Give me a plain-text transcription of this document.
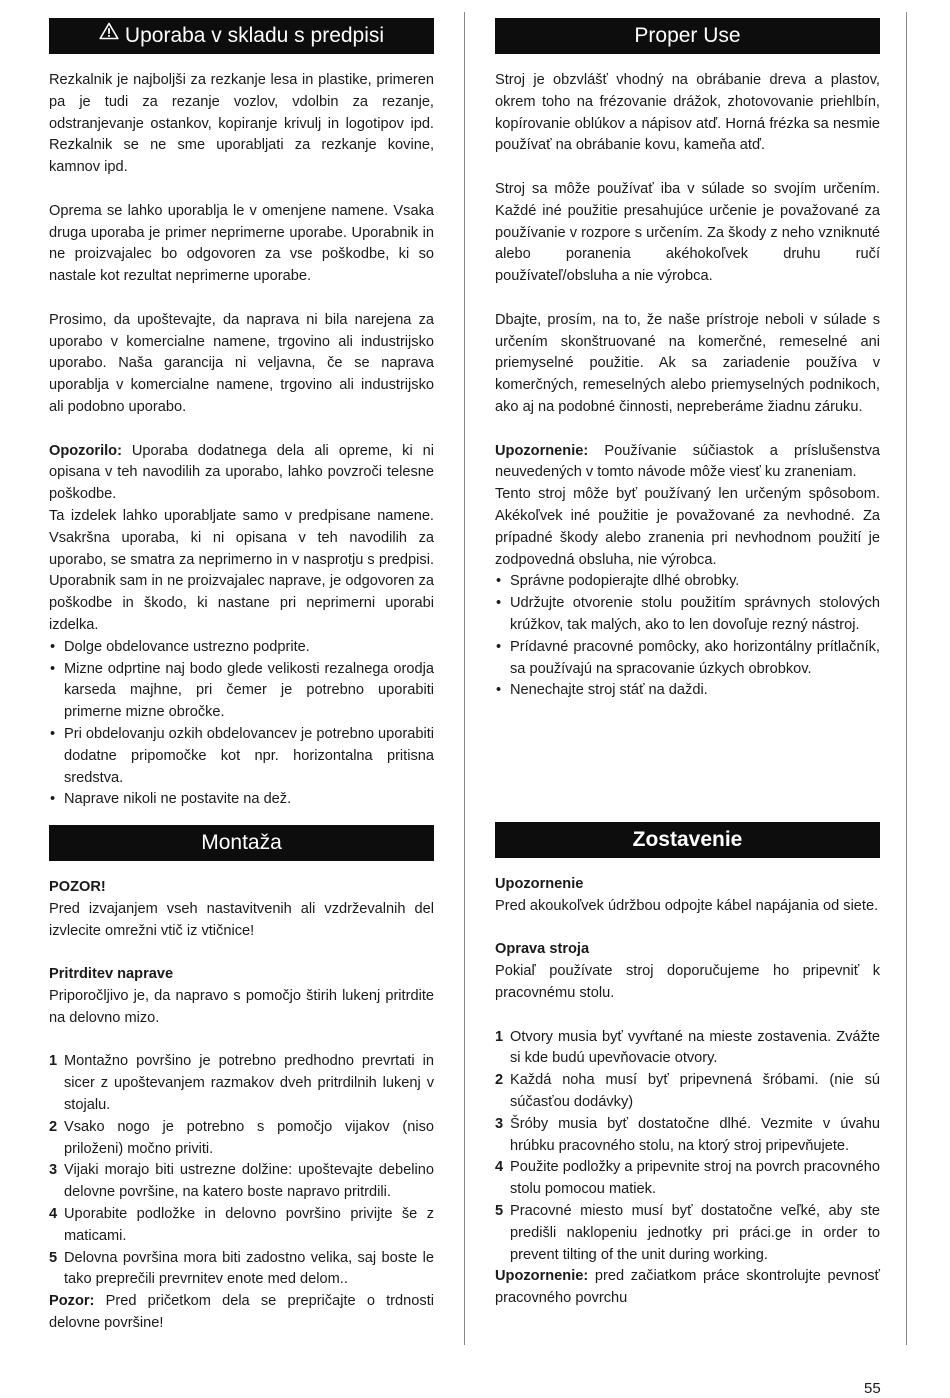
Uporaba v skladu s predpisi

Rezkalnik je najboljši za rezkanje lesa in plastike, primeren pa je tudi za rezanje vozlov, vdolbin za rezanje, odstranjevanje ostankov, kopiranje krivulj in logotipov ipd. Rezkalnik se ne sme uporabljati za rezkanje kovine, kamnov ipd.

Oprema se lahko uporablja le v omenjene namene. Vsaka druga uporaba je primer neprimerne uporabe. Uporabnik in ne proizvajalec bo odgovoren za vse poškodbe, ki so nastale kot rezultat neprimerne uporabe.

Prosimo, da upoštevajte, da naprava ni bila narejena za uporabo v komercialne namene, trgovino ali industrijsko uporabo. Naša garancija ni veljavna, če se naprava uporablja v komercialne namene, trgovino ali industrijsko ali podobno uporabo.

Opozorilo: Uporaba dodatnega dela ali opreme, ki ni opisana v teh navodilih za uporabo, lahko povzroči telesne poškodbe.

Ta izdelek lahko uporabljate samo v predpisane namene. Vsakršna uporaba, ki ni opisana v teh navodilih za uporabo, se smatra za neprimerno in v nasprotju s predpisi. Uporabnik sam in ne proizvajalec naprave, je odgovoren za poškodbe in škodo, ki nastane pri neprimerni uporabi izdelka.

• Dolge obdelovance ustrezno podprite.
• Mizne odprtine naj bodo glede velikosti rezalnega orodja karseda majhne, pri čemer je potrebno uporabiti primerne mizne obročke.
• Pri obdelovanju ozkih obdelovancev je potrebno uporabiti dodatne pripomočke kot npr. horizontalna pritisna sredstva.
• Naprave nikoli ne postavite na dež.
Montaža

POZOR!

Pred izvajanjem vseh nastavitvenih ali vzdrževalnih del izvlecite omrežni vtič iz vtičnice!

Pritrditev naprave

Priporočljivo je, da napravo s pomočjo štirih lukenj pritrdite na delovno mizo.

1 Montažno površino je potrebno predhodno prevrtati in sicer z upoštevanjem razmakov dveh pritrdilnih lukenj v stojalu.
2 Vsako nogo je potrebno s pomočjo vijakov (niso priloženi) močno priviti.
3 Vijaki morajo biti ustrezne dolžine: upoštevajte debelino delovne površine, na katero boste napravo pritrdili.
4 Uporabite podložke in delovno površino privijte še z maticami.
5 Delovna površina mora biti zadostno velika, saj boste le tako preprečili prevrnitev enote med delom..

Pozor: Pred pričetkom dela se prepričajte o trdnosti delovne površine!

Proper Use

Stroj je obzvlášť vhodný na obrábanie dreva a plastov, okrem toho na frézovanie drážok, zhotovovanie priehlbín, kopírovanie oblúkov a nápisov atď. Horná frézka sa nesmie používať na obrábanie kovu, kameňa atď.

Stroj sa môže používať iba v súlade so svojím určením. Každé iné použitie presahujúce určenie je považované za používanie v rozpore s určením. Za škody z neho vzniknuté alebo poranenia akéhokoľvek druhu ručí používateľ/obsluha a nie výrobca.

Dbajte, prosím, na to, že naše prístroje neboli v súlade s určením skonštruované na komerčné, remeselné ani priemyselné použitie. Ak sa zariadenie používa v komerčných, remeselných alebo priemyselných podnikoch, ako aj na podobné činnosti, nepreberáme žiadnu záruku.

Upozornenie: Používanie súčiastok a príslušenstva neuvedených v tomto návode môže viesť ku zraneniam.

Tento stroj môže byť používaný len určeným spôsobom. Akékoľvek iné použitie je považované za nevhodné. Za prípadné škody alebo zranenia pri nevhodnom použití je zodpovedná obsluha, nie výrobca.

• Správne podopierajte dlhé obrobky.
• Udržujte otvorenie stolu použitím správnych stolových krúžkov, tak malých, ako to len dovoľuje rezný nástroj.
• Prídavné pracovné pomôcky, ako horizontálny prítlačník, sa používajú na spracovanie úzkych obrobkov.
• Nenechajte stroj stáť na daždi.
Zostavenie

Upozornenie

Pred akoukoľvek údržbou odpojte kábel napájania od siete.

Oprava stroja

Pokiaľ používate stroj doporučujeme ho pripevniť k pracovnému stolu.

1 Otvory musia byť vyvŕtané na mieste zostavenia. Zvážte si kde budú upevňovacie otvory.
2 Každá noha musí byť pripevnená šróbami. (nie sú súčasťou dodávky)
3 Šróby musia byť dostatočne dlhé. Vezmite v úvahu hrúbku pracovného stolu, na ktorý stroj pripevňujete.
4 Použite podložky a pripevnite stroj na povrch pracovného stolu pomocou matiek.
5 Pracovné miesto musí byť dostatočne veľké, aby ste predišli naklopeniu jednotky pri práci.ge in order to prevent tilting of the unit during working.

Upozornenie: pred začiatkom práce skontrolujte pevnosť pracovného povrchu

55
